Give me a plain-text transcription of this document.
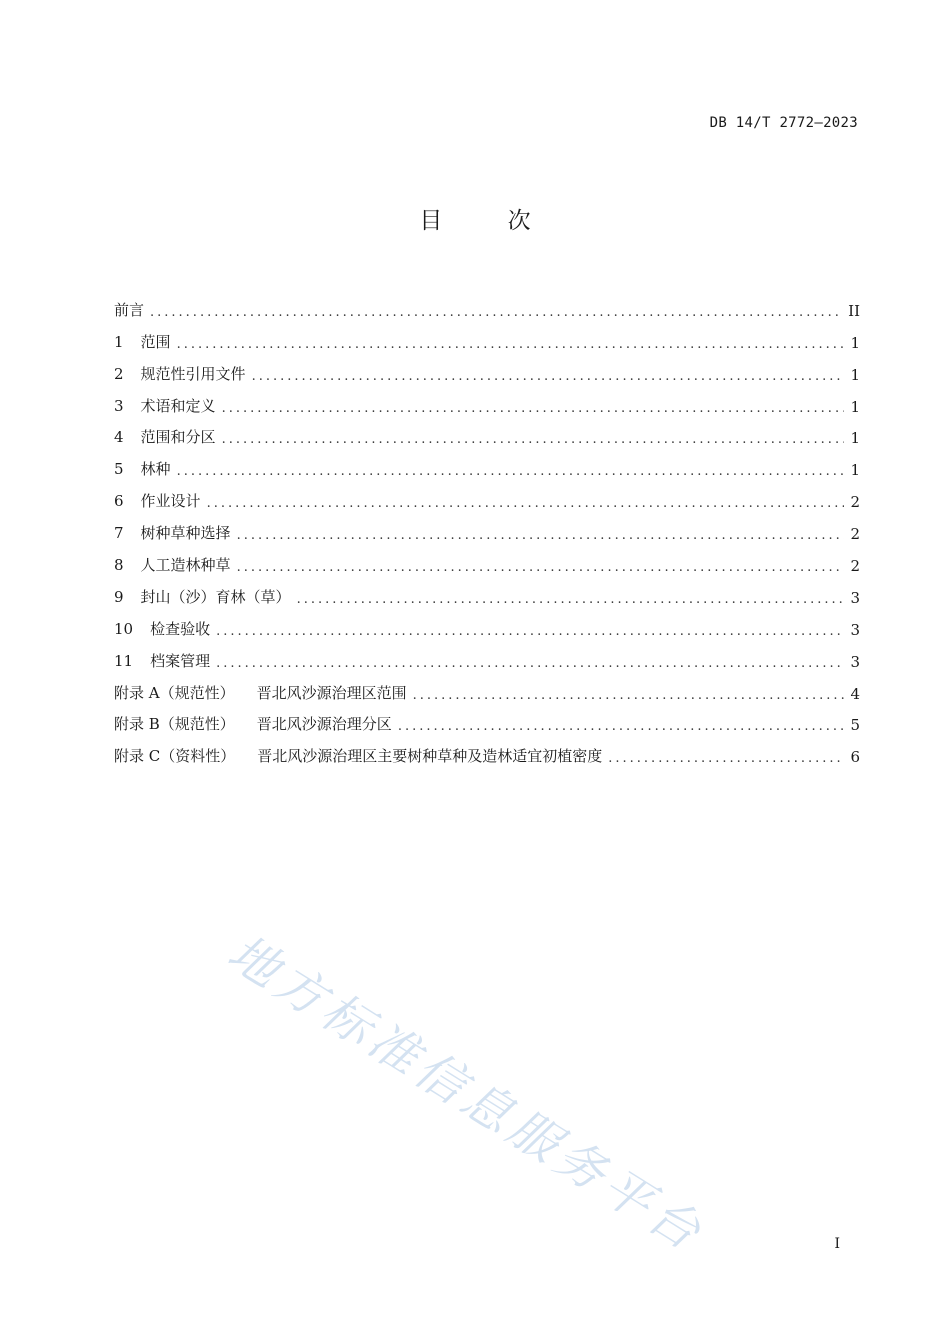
DB 14/T 2772—2023
目	次
前言 .....	II
1 范围 .....	1
2 规范性引用文件 .....	1
3 术语和定义 .....	1
4 范围和分区 .....	1
5 林种 .....	1
6 作业设计 .....	2
7 树种草种选择 .....	2
8 人工造林种草 .....	2
9 封山（沙）育林（草） .....	3
10 检查验收 .....	3
11 档案管理 .....	3
附录 A（规范性） 晋北风沙源治理区范围 .....	4
附录 B（规范性） 晋北风沙源治理分区 .....	5
附录 C（资料性） 晋北风沙源治理区主要树种草种及造林适宜初植密度 .....	6
地方标准信息服务平台	I
